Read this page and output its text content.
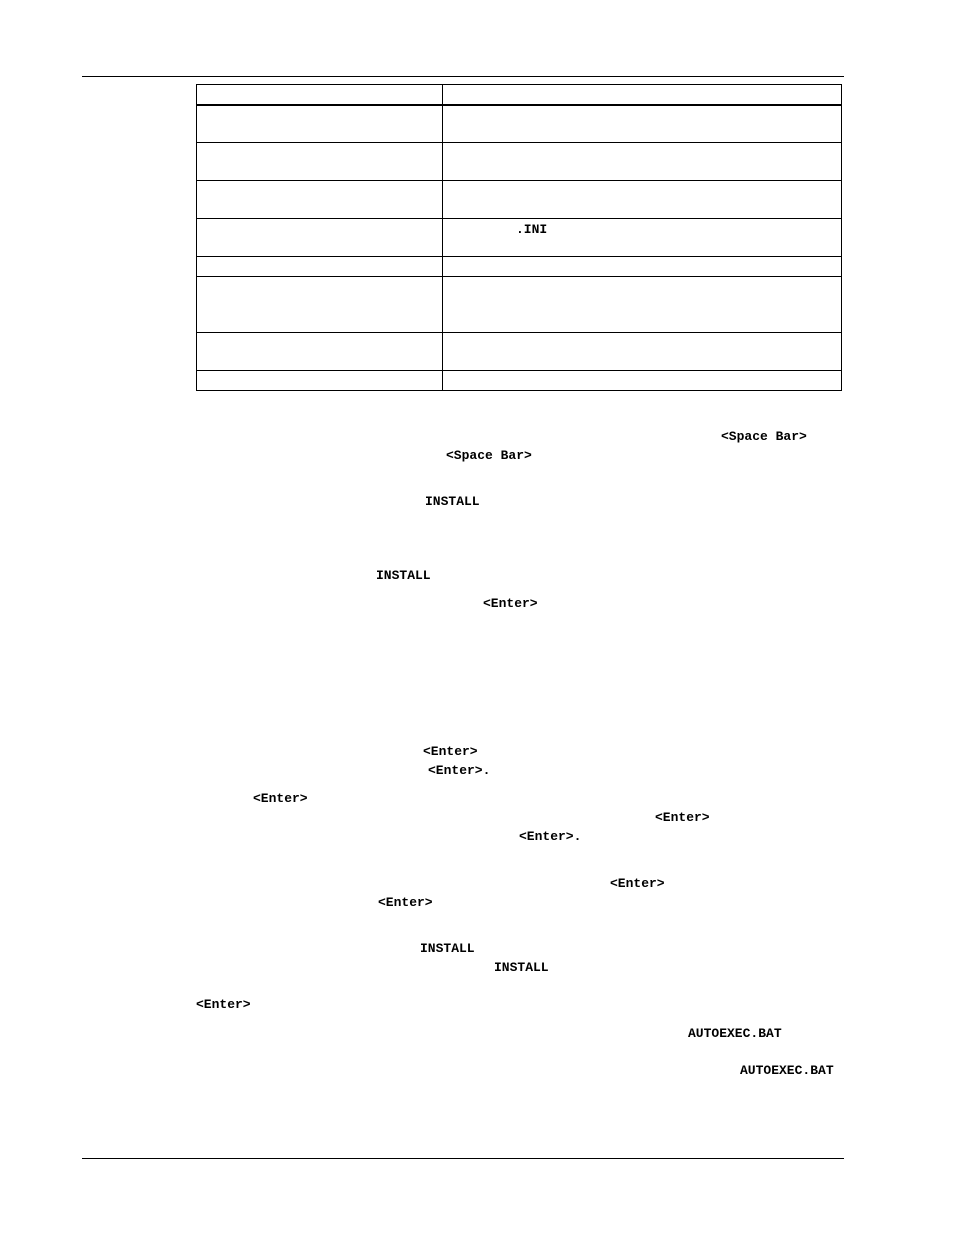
	.INI

<Space Bar>
<Space Bar>
INSTALL
INSTALL
<Enter>
<Enter>
<Enter>.
<Enter>
<Enter>
<Enter>.
<Enter>
<Enter>
INSTALL
INSTALL
<Enter>
AUTOEXEC.BAT
AUTOEXEC.BAT
